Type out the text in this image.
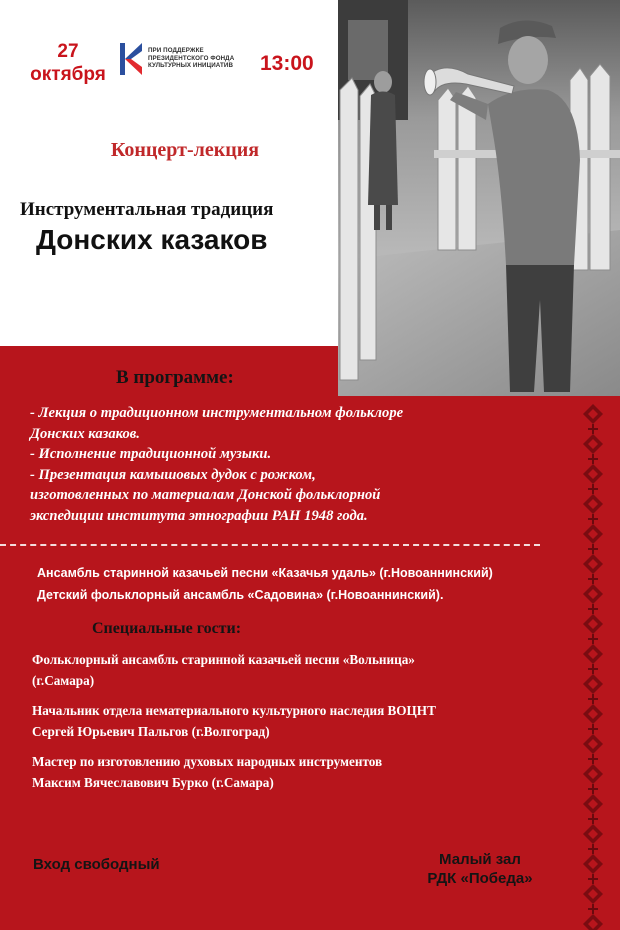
27
октября
ПРИ ПОДДЕРЖКЕ
ПРЕЗИДЕНТСКОГО ФОНДА
КУЛЬТУРНЫХ ИНИЦИАТИВ 13:00
Концерт-лекция
Инструментальная традиция
Донских казаков
В программе:
- Лекция о традиционном инструментальном фольклоре
Донских казаков.
- Исполнение традиционной музыки.
- Презентация камышовых дудок с рожком,
изготовленных по материалам Донской фольклорной
экспедиции института этнографии РАН 1948 года.
Ансамбль старинной казачьей песни «Казачья удаль» (г.Новоаннинский)
Детский фольклорный ансамбль «Садовина» (г.Новоаннинский).
Специальные гости:
Фольклорный ансамбль старинной казачьей песни «Вольница»
(г.Самара)
Начальник отдела нематериального культурного наследия ВОЦНТ
Сергей Юрьевич Пальгов (г.Волгоград)
Мастер по изготовлению духовых народных инструментов
Максим Вячеславович Бурко (г.Самара)
Вход свободный	Малый зал
РДК «Победа»
